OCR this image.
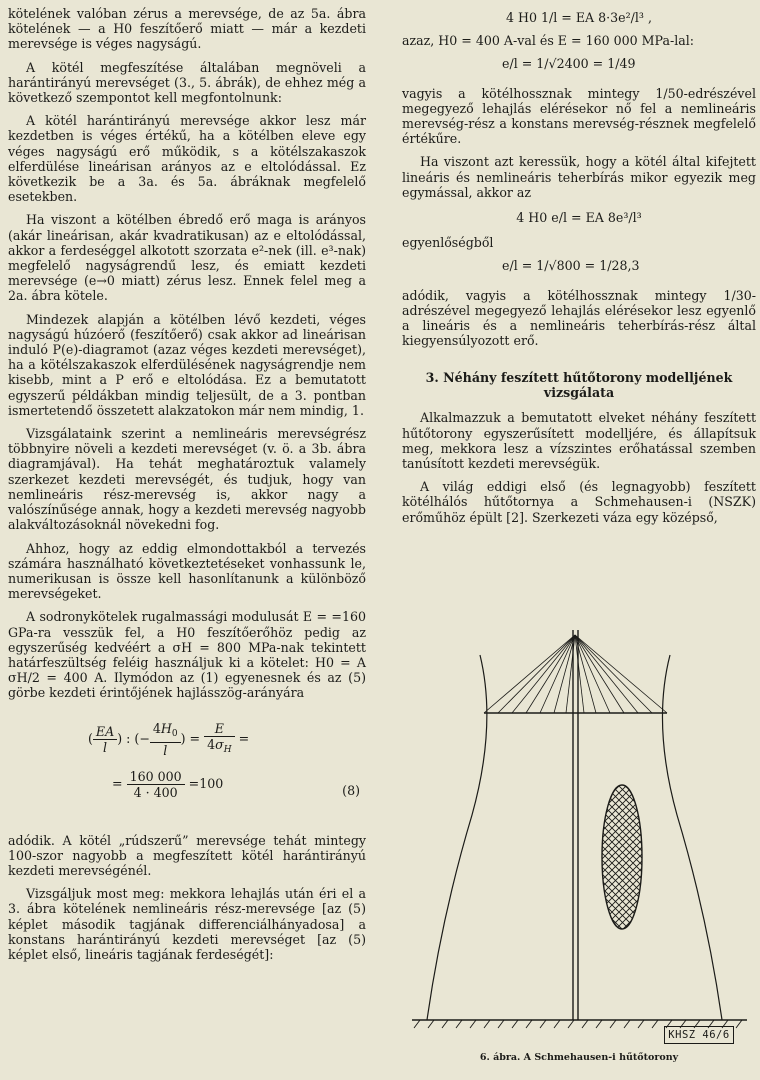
kötelének valóban zérus a merevsége, de az 5a. ábra kötelének — a H0 feszítőerő miatt — már a kezdeti merevsége is véges nagyságú.

A kötél megfeszítése általában megnöveli a harántirányú merevséget (3., 5. ábrák), de ehhez még a következő szempontot kell megfontolnunk:

A kötél harántirányú merevsége akkor lesz már kezdetben is véges értékű, ha a kötélben eleve egy véges nagyságú erő működik, s a kötélszakaszok elferdülése lineárisan arányos az e eltolódással. Ez következik be a 3a. és 5a. ábráknak megfelelő esetekben.

Ha viszont a kötélben ébredő erő maga is arányos (akár lineárisan, akár kvadratikusan) az e eltolódással, akkor a ferdeséggel alkotott szorzata e²-nek (ill. e³-nak) megfelelő nagyságrendű lesz, és emiatt kezdeti merevsége (e→0 miatt) zérus lesz. Ennek felel meg a 2a. ábra kötele.

Mindezek alapján a kötélben lévő kezdeti, véges nagyságú húzóerő (feszítőerő) csak akkor ad lineárisan induló P(e)-diagramot (azaz véges kezdeti merevséget), ha a kötélszakaszok elferdülésének nagyságrendje nem kisebb, mint a P erő e eltolódása. Ez a bemutatott egyszerű példákban mindig teljesült, de a 3. pontban ismertetendő összetett alakzatokon már nem mindig, 1.

Vizsgálataink szerint a nemlineáris merevségrész többnyire növeli a kezdeti merevséget (v. ö. a 3b. ábra diagramjával). Ha tehát meghatároztuk valamely szerkezet kezdeti merevségét, és tudjuk, hogy van nemlineáris rész-merevség is, akkor nagy a valószínűsége annak, hogy a kezdeti merevség nagyobb alakváltozásoknál növekedni fog.

Ahhoz, hogy az eddig elmondottakból a tervezés számára használható következtetéseket vonhassunk le, numerikusan is össze kell hasonlítanunk a különböző merevségeket.

A sodronykötelek rugalmassági modulusát E = =160 GPa-ra vesszük fel, a H0 feszítőerőhöz pedig az egyszerűség kedvéért a σH = 800 MPa-nak tekintett határfeszültség feléig használjuk ki a kötelet: H0 = A σH/2 = 400 A. Ilymódon az (1) egyenesnek és az (5) görbe kezdeti érintőjének hajlásszög-arányára

( $\frac{EA}{l}$ ) : (− $\frac{4H_0}{l}$ ) = $\frac{E}{4\sigma_H}$ =
= $\frac{160 000}{4 \cdot 400} =100$	(8)

adódik. A kötél „rúdszerű” merevsége tehát mintegy 100-szor nagyobb a megfeszített kötél harántirányú kezdeti merevségénél.

Vizsgáljuk most meg: mekkora lehajlás után éri el a 3. ábra kötelének nemlineáris rész-merevsége [az (5) képlet második tagjának differenciálhányadosa] a konstans harántirányú kezdeti merevséget [az (5) képlet első, lineáris tagjának ferdeségét]:

4 H0 1/l = EA 8·3e²/l³ ,

azaz, H0 = 400 A-val és E = 160 000 MPa-lal:

e/l = 1/√2400 = 1/49

vagyis a kötélhossznak mintegy 1/50-edrészével megegyező lehajlás elérésekor nő fel a nemlineáris merevség-rész a konstans merevség-résznek megfelelő értékűre.

Ha viszont azt keressük, hogy a kötél által kifejtett lineáris és nemlineáris teherbírás mikor egyezik meg egymással, akkor az

4 H0 e/l = EA 8e³/l³

egyenlőségből

e/l = 1/√800 = 1/28,3

adódik, vagyis a kötélhossznak mintegy 1/30-adrészével megegyező lehajlás elérésekor lesz egyenlő a lineáris és a nemlineáris teherbírás-rész által kiegyensúlyozott erő.

3. Néhány feszített hűtőtorony modelljének vizsgálata

Alkalmazzuk a bemutatott elveket néhány feszített hűtőtorony egyszerűsített modelljére, és állapítsuk meg, mekkora lesz a vízszintes erőhatással szemben tanúsított kezdeti merevségük.

A világ eddigi első (és legnagyobb) feszített kötélhálós hűtőtornya a Schmehausen-i (NSZK) erőműhöz épült [2]. Szerkezeti váza egy középső,

KHSZ 46/6
6. ábra. A Schmehausen-i hűtőtorony
